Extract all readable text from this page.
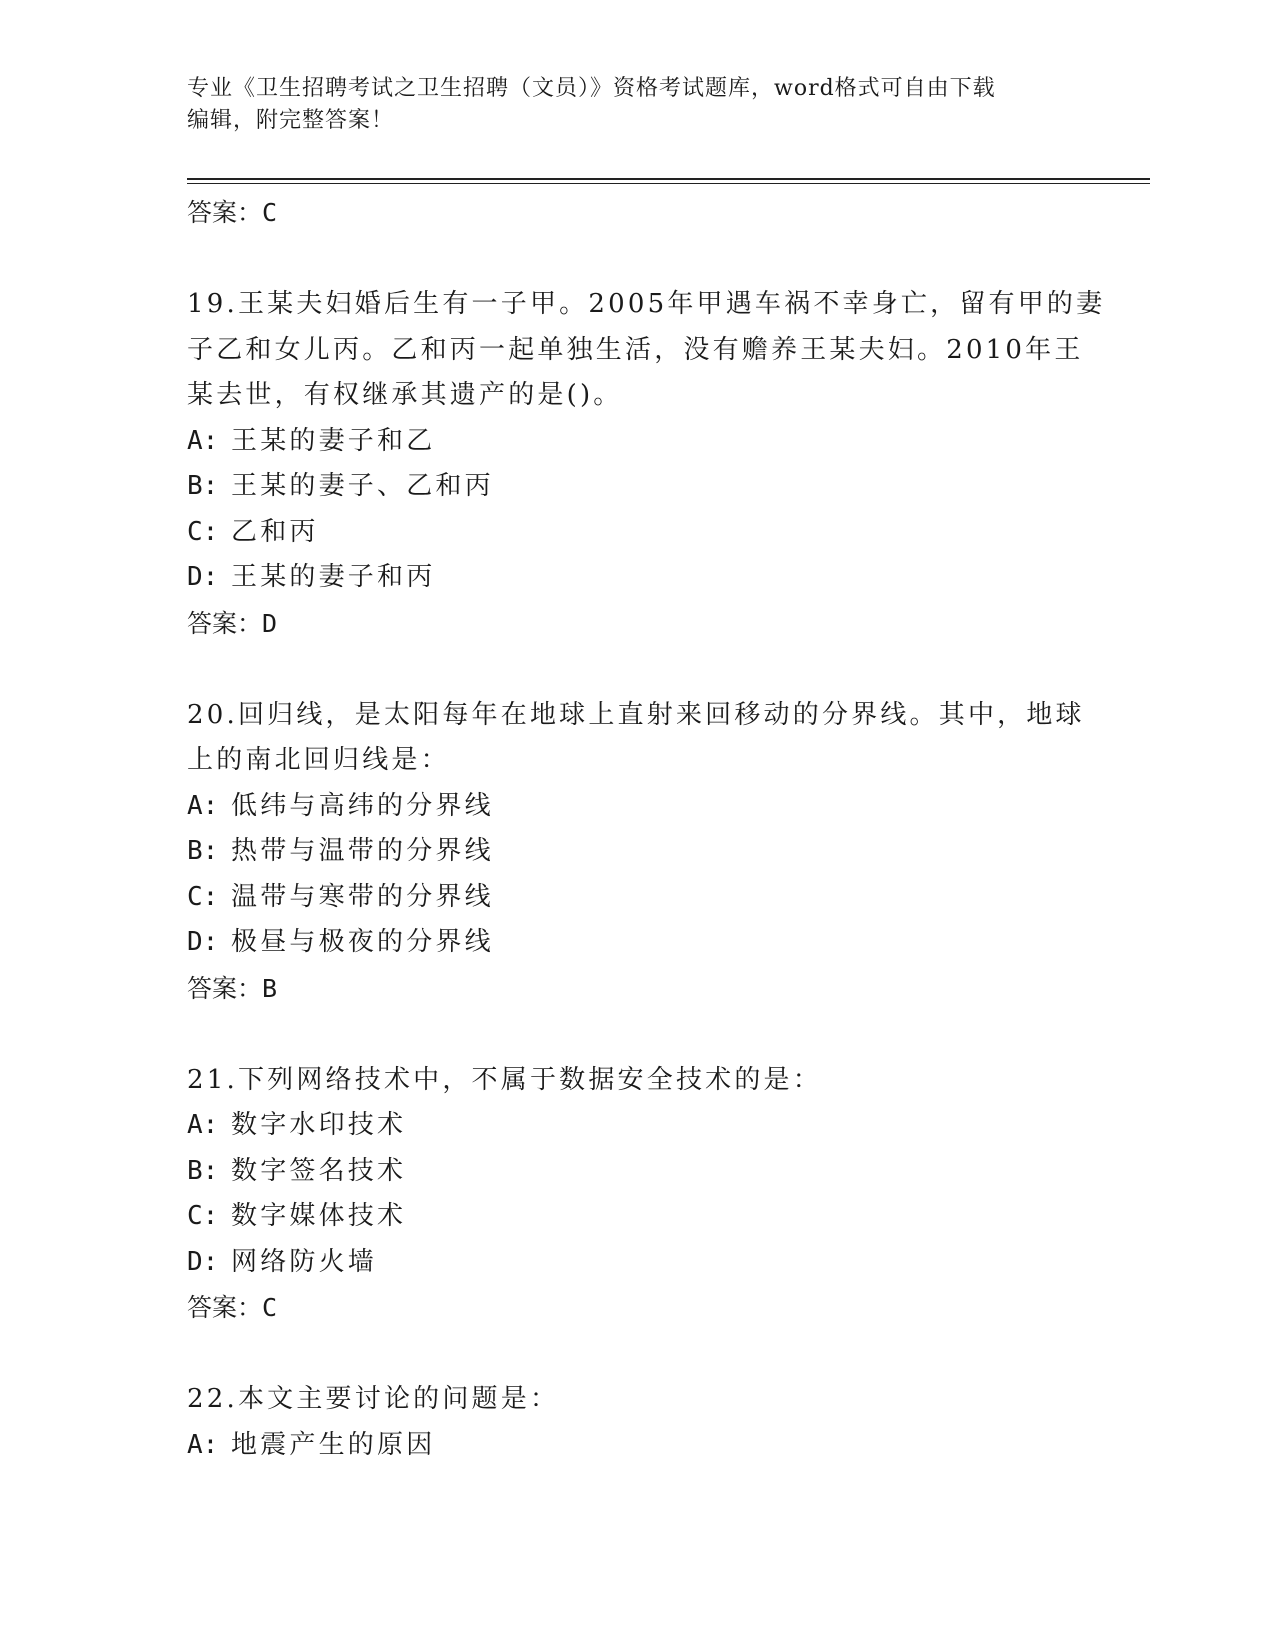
专业《卫生招聘考试之卫生招聘（文员）》资格考试题库，word格式可自由下载
编辑，附完整答案！
答案：C
19.王某夫妇婚后生有一子甲。2005年甲遇车祸不幸身亡，留有甲的妻
子乙和女儿丙。乙和丙一起单独生活，没有赡养王某夫妇。2010年王
某去世，有权继承其遗产的是()。
A: 王某的妻子和乙
B: 王某的妻子、乙和丙
C: 乙和丙
D: 王某的妻子和丙
答案：D
20.回归线，是太阳每年在地球上直射来回移动的分界线。其中，地球
上的南北回归线是：
A: 低纬与高纬的分界线
B: 热带与温带的分界线
C: 温带与寒带的分界线
D: 极昼与极夜的分界线
答案：B
21.下列网络技术中，不属于数据安全技术的是：
A: 数字水印技术
B: 数字签名技术
C: 数字媒体技术
D: 网络防火墙
答案：C
22.本文主要讨论的问题是：
A: 地震产生的原因
